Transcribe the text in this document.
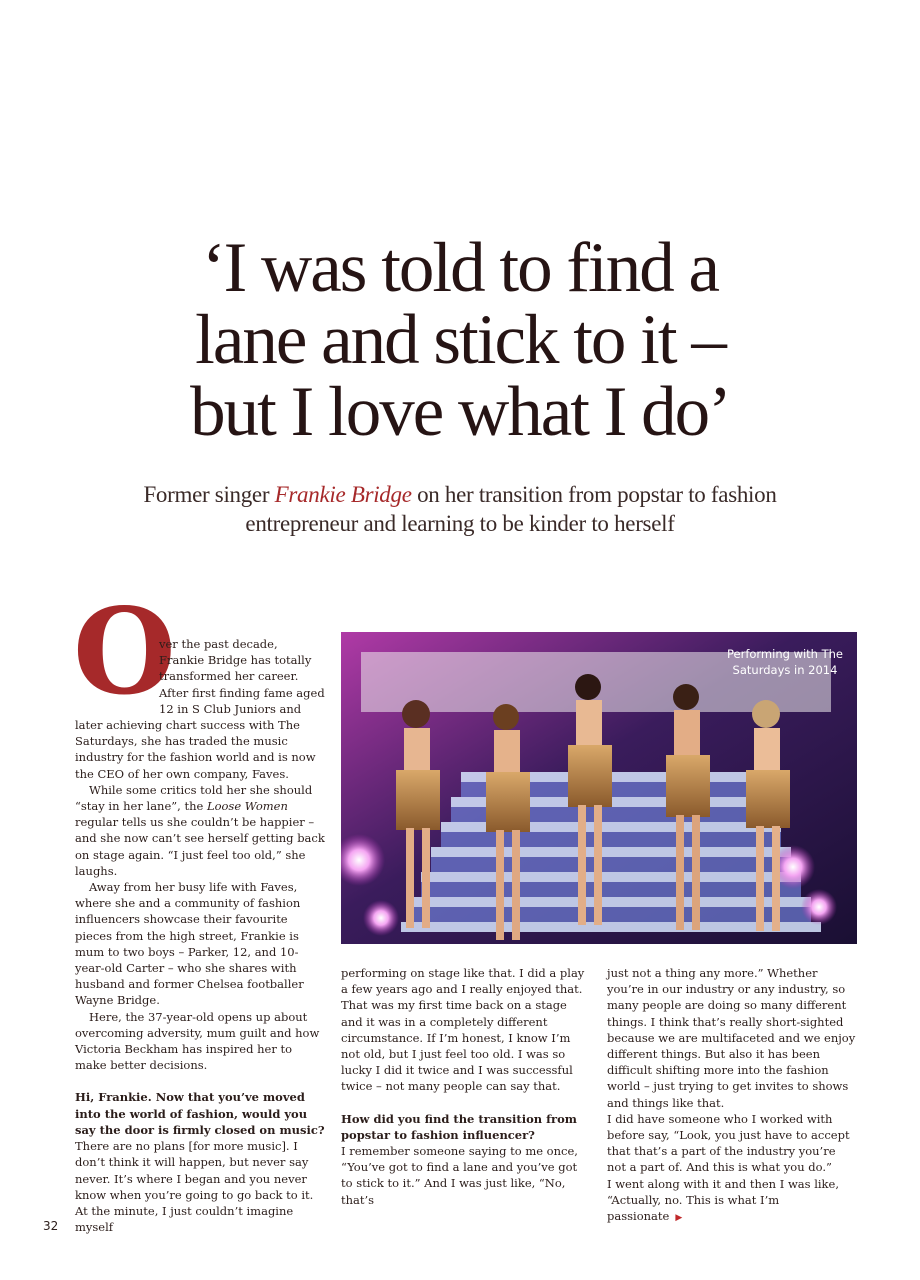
‘I was told to find a
lane and stick to it –
but I love what I do’

Former singer Frankie Bridge on her transition from popstar to fashion entrepreneur and learning to be kinder to herself

O
ver the past decade, Frankie Bridge has totally transformed her career. After first finding fame aged 12 in S Club Juniors and later achieving chart success with The Saturdays, she has traded the music industry for the fashion world and is now the CEO of her own company, Faves.

While some critics told her she should “stay in her lane”, the Loose Women regular tells us she couldn’t be happier – and she now can’t see herself getting back on stage again. “I just feel too old,” she laughs.

Away from her busy life with Faves, where she and a community of fashion influencers showcase their favourite pieces from the high street, Frankie is mum to two boys – Parker, 12, and 10-year-old Carter – who she shares with husband and former Chelsea footballer Wayne Bridge.

Here, the 37-year-old opens up about overcoming adversity, mum guilt and how Victoria Beckham has inspired her to make better decisions.

Hi, Frankie. Now that you’ve moved into the world of fashion, would you say the door is firmly closed on music?

There are no plans [for more music]. I don’t think it will happen, but never say never. It’s where I began and you never know when you’re going to go back to it. At the minute, I just couldn’t imagine myself

Performing with The Saturdays in 2014

performing on stage like that. I did a play a few years ago and I really enjoyed that. That was my first time back on a stage and it was in a completely different circumstance. If I’m honest, I know I’m not old, but I just feel too old. I was so lucky I did it twice and I was successful twice – not many people can say that.

How did you find the transition from popstar to fashion influencer?

I remember someone saying to me once, “You’ve got to find a lane and you’ve got to stick to it.” And I was just like, “No, that’s

just not a thing any more.” Whether you’re in our industry or any industry, so many people are doing so many different things. I think that’s really short-sighted because we are multifaceted and we enjoy different things. But also it has been difficult shifting more into the fashion world – just trying to get invites to shows and things like that.

I did have someone who I worked with before say, “Look, you just have to accept that that’s a part of the industry you’re not a part of. And this is what you do.”

I went along with it and then I was like, “Actually, no. This is what I’m passionate ▶

32
